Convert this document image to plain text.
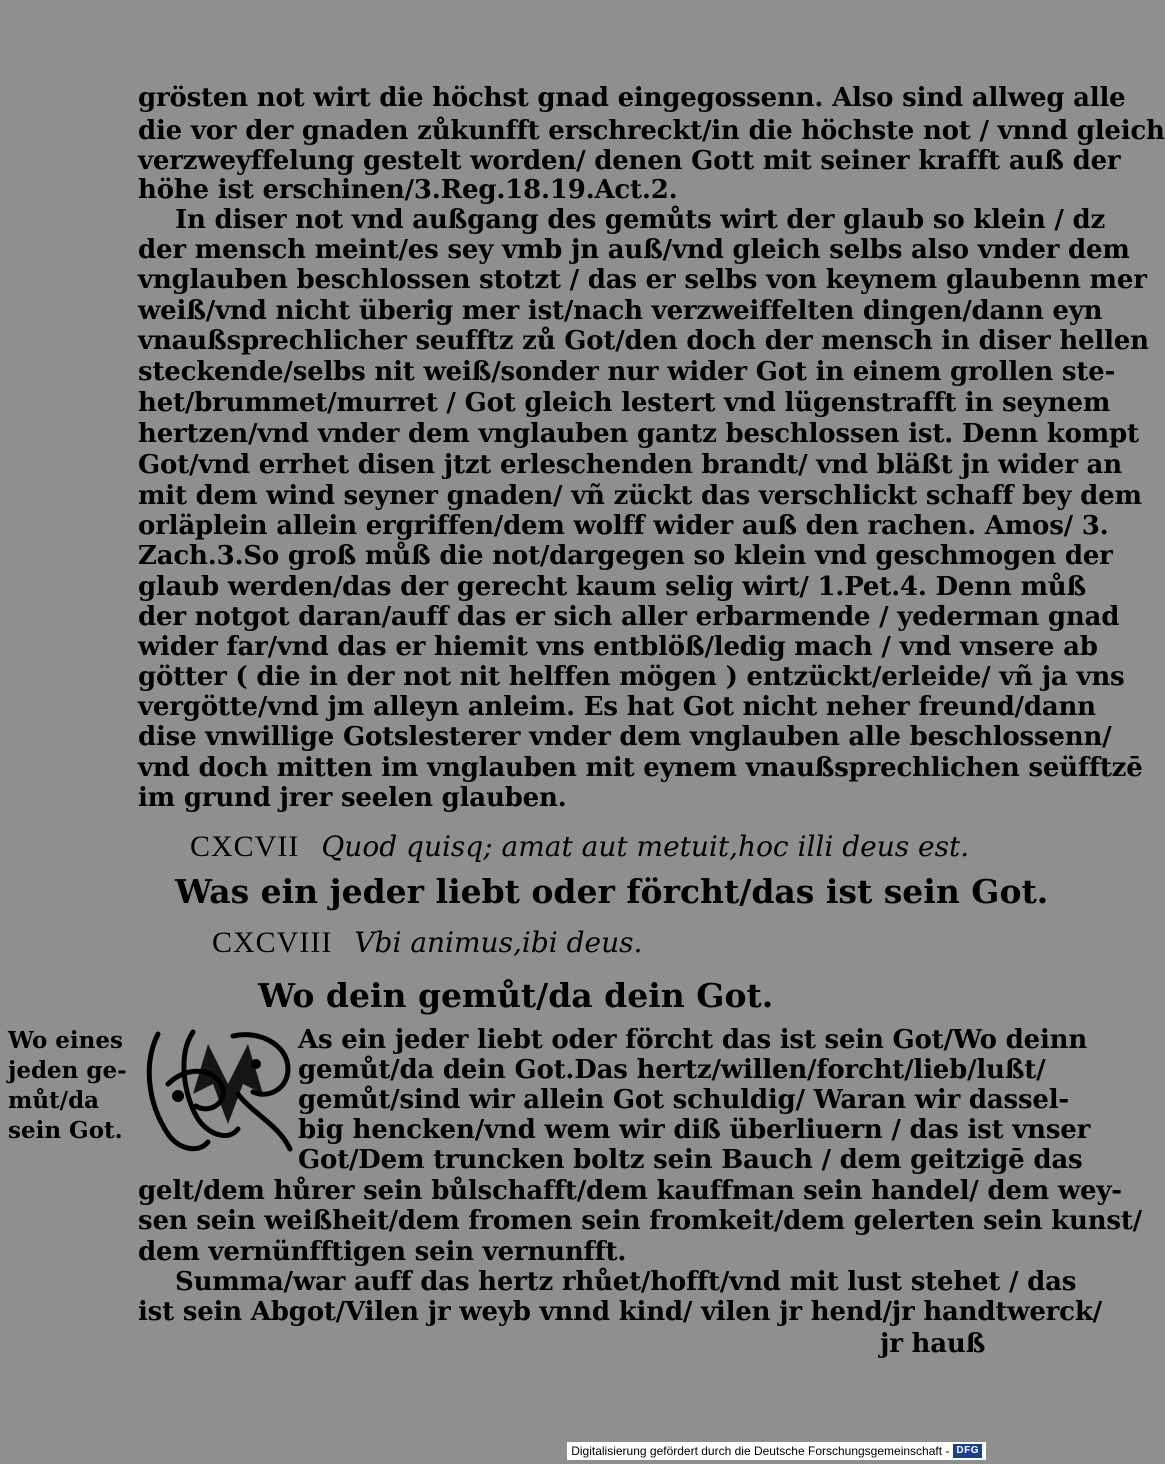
grösten not wirt die höchst gnad eingegossenn. Also sind allweg alle
die vor der gnaden zůkunfft erschreckt/in die höchste not / vnnd gleich
verzweyffelung gestelt worden/ denen Gott mit seiner krafft auß der
höhe ist erschinen/3.Reg.18.19.Act.2.
In diser not vnd außgang des gemůts wirt der glaub so klein / dz
der mensch meint/es sey vmb jn auß/vnd gleich selbs also vnder dem
vnglauben beschlossen stotzt / das er selbs von keynem glaubenn mer
weiß/vnd nicht überig mer ist/nach verzweiffelten dingen/dann eyn
vnaußsprechlicher seufftz zů Got/den doch der mensch in diser hellen
steckende/selbs nit weiß/sonder nur wider Got in einem grollen ste-
het/brummet/murret / Got gleich lestert vnd lügenstrafft in seynem
hertzen/vnd vnder dem vnglauben gantz beschlossen ist. Denn kompt
Got/vnd errhet disen jtzt erleschenden brandt/ vnd bläßt jn wider an
mit dem wind seyner gnaden/ vñ zückt das verschlickt schaff bey dem
orläplein allein ergriffen/dem wolff wider auß den rachen. Amos/ 3.
Zach.3.So groß můß die not/dargegen so klein vnd geschmogen der
glaub werden/das der gerecht kaum selig wirt/ 1.Pet.4. Denn můß
der notgot daran/auff das er sich aller erbarmende / yederman gnad
wider far/vnd das er hiemit vns entblöß/ledig mach / vnd vnsere ab
götter ( die in der not nit helffen mögen ) entzückt/erleide/ vñ ja vns
vergötte/vnd jm alleyn anleim. Es hat Got nicht neher freund/dann
dise vnwillige Gotslesterer vnder dem vnglauben alle beschlossenn/
vnd doch mitten im vnglauben mit eynem vnaußsprechlichen seüfftzē
im grund jrer seelen glauben.
CXCVII Quod quisq; amat aut metuit,hoc illi deus est.
Was ein jeder liebt oder förcht/das ist sein Got.
CXCVIII Vbi animus,ibi deus.
Wo dein gemůt/da dein Got.
Wo eines
jeden ge-
můt/da
sein Got.
As ein jeder liebt oder förcht das ist sein Got/Wo deinn
gemůt/da dein Got.Das hertz/willen/forcht/lieb/lußt/
gemůt/sind wir allein Got schuldig/ Waran wir dassel-
big hencken/vnd wem wir diß überliuern / das ist vnser
Got/Dem truncken boltz sein Bauch / dem geitzigē das
gelt/dem hůrer sein bůlschafft/dem kauffman sein handel/ dem wey-
sen sein weißheit/dem fromen sein fromkeit/dem gelerten sein kunst/
dem vernünfftigen sein vernunfft.
Summa/war auff das hertz rhůet/hofft/vnd mit lust stehet / das
ist sein Abgot/Vilen jr weyb vnnd kind/ vilen jr hend/jr handtwerck/
jr hauß
Digitalisierung gefördert durch die Deutsche Forschungsgemeinschaft - DFG
